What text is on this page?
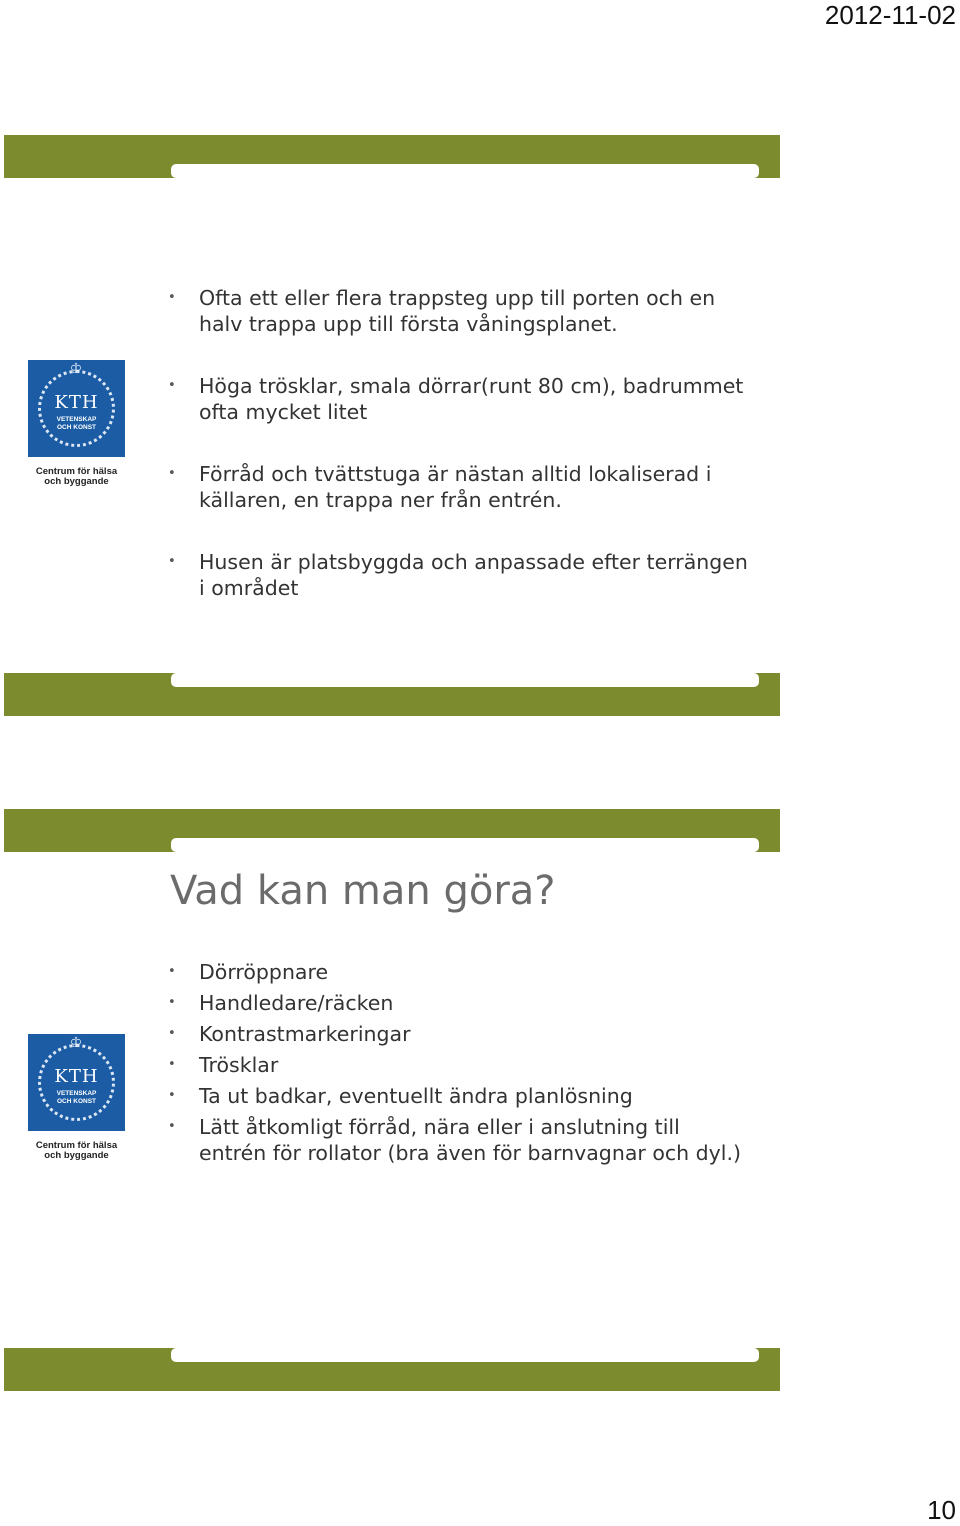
2012-11-02
♔
KTH
VETENSKAP
OCH KONST
Centrum för hälsa
och byggande
• Ofta ett eller flera trappsteg upp till porten och en halv trappa upp till första våningsplanet.
• Höga trösklar, smala dörrar(runt 80 cm), badrummet ofta mycket litet
• Förråd och tvättstuga är nästan alltid lokaliserad i källaren, en trappa ner från entrén.
• Husen är platsbyggda och anpassade efter terrängen i området
Vad kan man göra?
♔
KTH
VETENSKAP
OCH KONST
Centrum för hälsa
och byggande
• Dörröppnare
• Handledare/räcken
• Kontrastmarkeringar
• Trösklar
• Ta ut badkar, eventuellt ändra planlösning
• Lätt åtkomligt förråd, nära eller i anslutning till entrén för rollator (bra även för barnvagnar och dyl.)
10
